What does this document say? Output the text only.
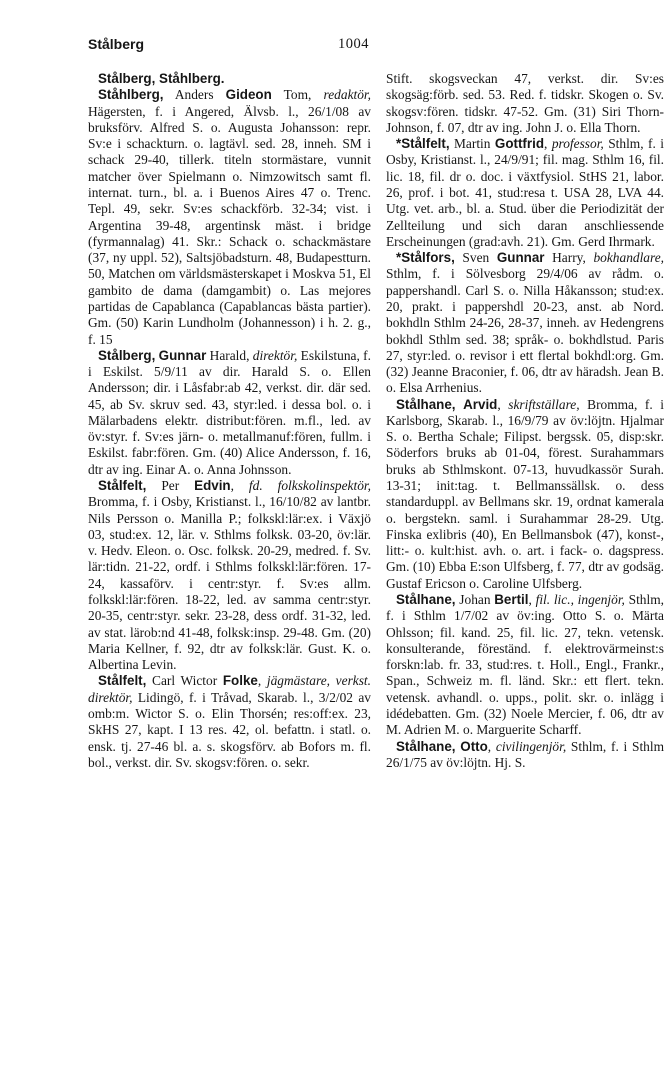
Stålberg	1004

Stålberg, Ståhlberg.

Ståhlberg, Anders Gideon Tom, redaktör, Hägersten, f. i Angered, Älvsb. l., 26/1/08 av bruksförv. Alfred S. o. Augusta Johansson: repr. Sv:e i schackturn. o. lagtävl. sed. 28, inneh. SM i schack 29-40, tillerk. titeln stormästare, vunnit matcher över Spielmann o. Nimzowitsch samt fl. internat. turn., bl. a. i Buenos Aires 47 o. Trenc. Tepl. 49, sekr. Sv:es schackförb. 32-34; vist. i Argentina 39-48, argentinsk mäst. i bridge (fyrmannalag) 41. Skr.: Schack o. schackmästare (37, ny uppl. 52), Saltsjöbadsturn. 48, Budapestturn. 50, Matchen om världsmästerskapet i Moskva 51, El gambito de dama (damgambit) o. Las mejores partidas de Capablanca (Capablancas bästa partier). Gm. (50) Karin Lundholm (Johannesson) i h. 2. g., f. 15

Stålberg, Gunnar Harald, direktör, Eskilstuna, f. i Eskilst. 5/9/11 av dir. Harald S. o. Ellen Andersson; dir. i Låsfabr:ab 42, verkst. dir. där sed. 45, ab Sv. skruv sed. 43, styr:led. i dessa bol. o. i Mälarbadens elektr. distribut:fören. m.fl., led. av öv:styr. f. Sv:es järn- o. metallmanuf:fören, fullm. i Eskilst. fabr:fören. Gm. (40) Alice Andersson, f. 16, dtr av ing. Einar A. o. Anna Johnsson.

Stålfelt, Per Edvin, fd. folkskolinspektör, Bromma, f. i Osby, Kristianst. l., 16/10/82 av lantbr. Nils Persson o. Manilla P.; folkskl:lär:ex. i Växjö 03, stud:ex. 12, lär. v. Sthlms folksk. 03-20, öv:lär. v. Hedv. Eleon. o. Osc. folksk. 20-29, medred. f. Sv. lär:tidn. 21-22, ordf. i Sthlms folkskl:lär:fören. 17-24, kassaförv. i centr:styr. f. Sv:es allm. folkskl:lär:fören. 18-22, led. av samma centr:styr. 20-35, centr:styr. sekr. 23-28, dess ordf. 31-32, led. av stat. lärob:nd 41-48, folksk:insp. 29-48. Gm. (20) Maria Kellner, f. 92, dtr av folksk:lär. Gust. K. o. Albertina Levin.

Stålfelt, Carl Wictor Folke, jägmästare, verkst. direktör, Lidingö, f. i Tråvad, Skarab. l., 3/2/02 av omb:m. Wictor S. o. Elin Thorsén; res:off:ex. 23, SkHS 27, kapt. I 13 res. 42, ol. befattn. i statl. o. ensk. tj. 27-46 bl. a. s. skogsförv. ab Bofors m. fl. bol., verkst. dir. Sv. skogsv:fören. o. sekr.

Stift. skogsveckan 47, verkst. dir. Sv:es skogsäg:förb. sed. 53. Red. f. tidskr. Skogen o. Sv. skogsv:fören. tidskr. 47-52. Gm. (31) Siri Thorn-Johnson, f. 07, dtr av ing. John J. o. Ella Thorn.

*Stålfelt, Martin Gottfrid, professor, Sthlm, f. i Osby, Kristianst. l., 24/9/91; fil. mag. Sthlm 16, fil. lic. 18, fil. dr o. doc. i växtfysiol. StHS 21, labor. 26, prof. i bot. 41, stud:resa t. USA 28, LVA 44. Utg. vet. arb., bl. a. Stud. über die Periodizität der Zellteilung und sich daran anschliessende Erscheinungen (grad:avh. 21). Gm. Gerd Ihrmark.

*Stålfors, Sven Gunnar Harry, bokhandlare, Sthlm, f. i Sölvesborg 29/4/06 av rådm. o. pappershandl. Carl S. o. Nilla Håkansson; stud:ex. 20, prakt. i pappershdl 20-23, anst. ab Nord. bokhdln Sthlm 24-26, 28-37, inneh. av Hedengrens bokhdl Sthlm sed. 38; språk- o. bokhdlstud. Paris 27, styr:led. o. revisor i ett flertal bokhdl:org. Gm. (32) Jeanne Braconier, f. 06, dtr av häradsh. Jean B. o. Elsa Arrhenius.

Stålhane, Arvid, skriftställare, Bromma, f. i Karlsborg, Skarab. l., 16/9/79 av öv:löjtn. Hjalmar S. o. Bertha Schale; Filipst. bergssk. 05, disp:skr. Söderfors bruks ab 01-04, förest. Surahammars bruks ab Sthlmskont. 07-13, huvudkassör Surah. 13-31; init:tag. t. Bellmanssällsk. o. dess standarduppl. av Bellmans skr. 19, ordnat kamerala o. bergstekn. saml. i Surahammar 28-29. Utg. Finska exlibris (40), En Bellmansbok (47), konst-, litt:- o. kult:hist. avh. o. art. i fack- o. dagspress. Gm. (10) Ebba E:son Ulfsberg, f. 77, dtr av godsäg. Gustaf Ericson o. Caroline Ulfsberg.

Stålhane, Johan Bertil, fil. lic., ingenjör, Sthlm, f. i Sthlm 1/7/02 av öv:ing. Otto S. o. Märta Ohlsson; fil. kand. 25, fil. lic. 27, tekn. vetensk. konsulterande, föreständ. f. elektrovärmeinst:s forskn:lab. fr. 33, stud:res. t. Holl., Engl., Frankr., Span., Schweiz m. fl. länd. Skr.: ett flert. tekn. vetensk. avhandl. o. upps., polit. skr. o. inlägg i idédebatten. Gm. (32) Noele Mercier, f. 06, dtr av M. Adrien M. o. Marguerite Scharff.

Stålhane, Otto, civilingenjör, Sthlm, f. i Sthlm 26/1/75 av öv:löjtn. Hj. S.
